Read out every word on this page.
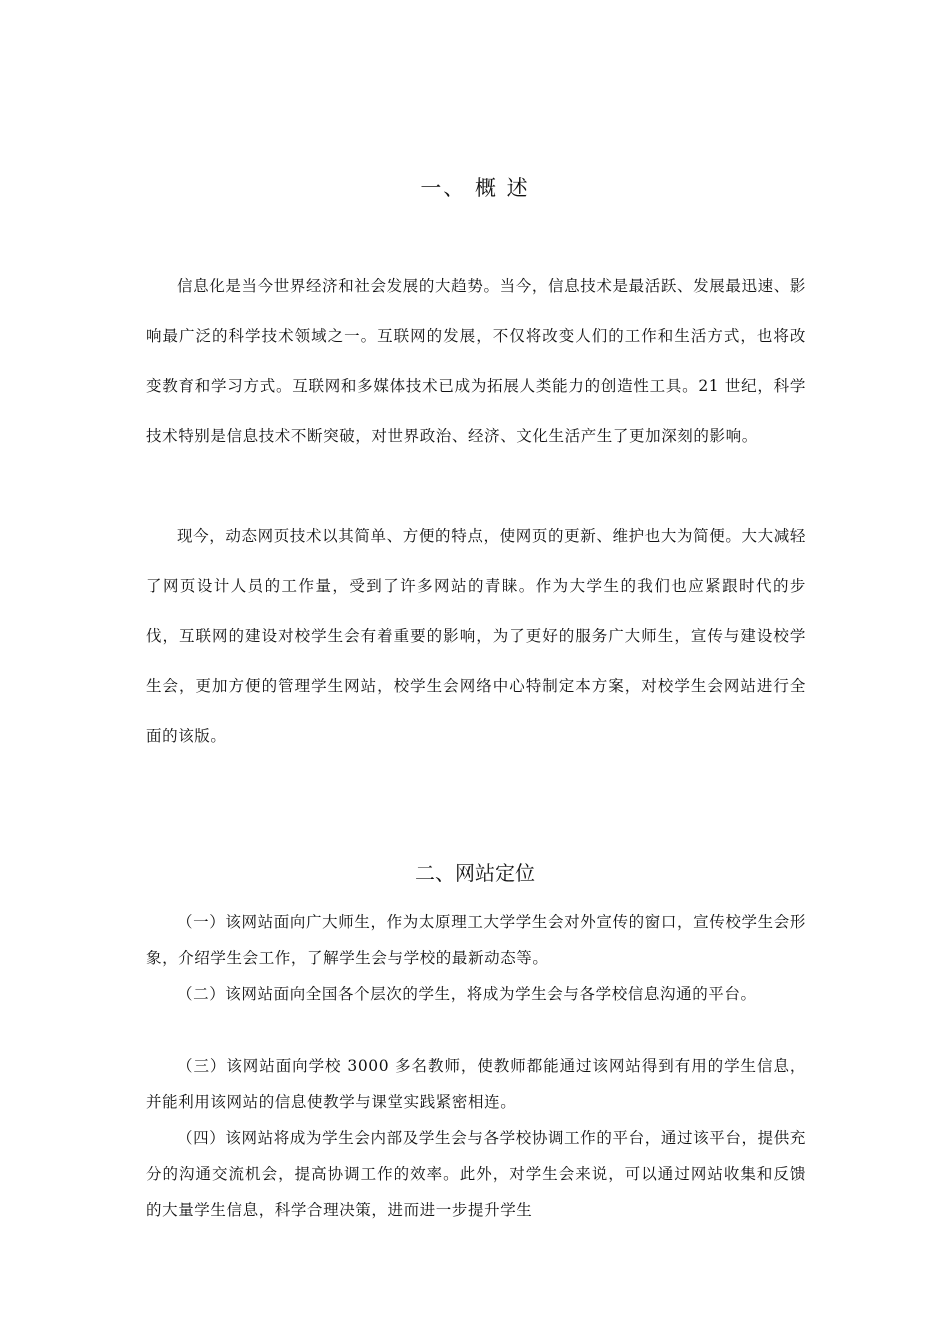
一、 概 述

信息化是当今世界经济和社会发展的大趋势。当今，信息技术是最活跃、发展最迅速、影响最广泛的科学技术领域之一。互联网的发展，不仅将改变人们的工作和生活方式，也将改变教育和学习方式。互联网和多媒体技术已成为拓展人类能力的创造性工具。21 世纪，科学技术特别是信息技术不断突破，对世界政治、经济、文化生活产生了更加深刻的影响。

现今，动态网页技术以其简单、方便的特点，使网页的更新、维护也大为简便。大大减轻了网页设计人员的工作量，受到了许多网站的青睐。作为大学生的我们也应紧跟时代的步伐，互联网的建设对校学生会有着重要的影响，为了更好的服务广大师生，宣传与建设校学生会，更加方便的管理学生网站，校学生会网络中心特制定本方案，对校学生会网站进行全面的该版。

二、网站定位

（一）该网站面向广大师生，作为太原理工大学学生会对外宣传的窗口，宣传校学生会形象，介绍学生会工作，了解学生会与学校的最新动态等。

（二）该网站面向全国各个层次的学生，将成为学生会与各学校信息沟通的平台。

（三）该网站面向学校 3000 多名教师，使教师都能通过该网站得到有用的学生信息，并能利用该网站的信息使教学与课堂实践紧密相连。

（四）该网站将成为学生会内部及学生会与各学校协调工作的平台，通过该平台，提供充分的沟通交流机会，提高协调工作的效率。此外，对学生会来说，可以通过网站收集和反馈的大量学生信息，科学合理决策，进而进一步提升学生
